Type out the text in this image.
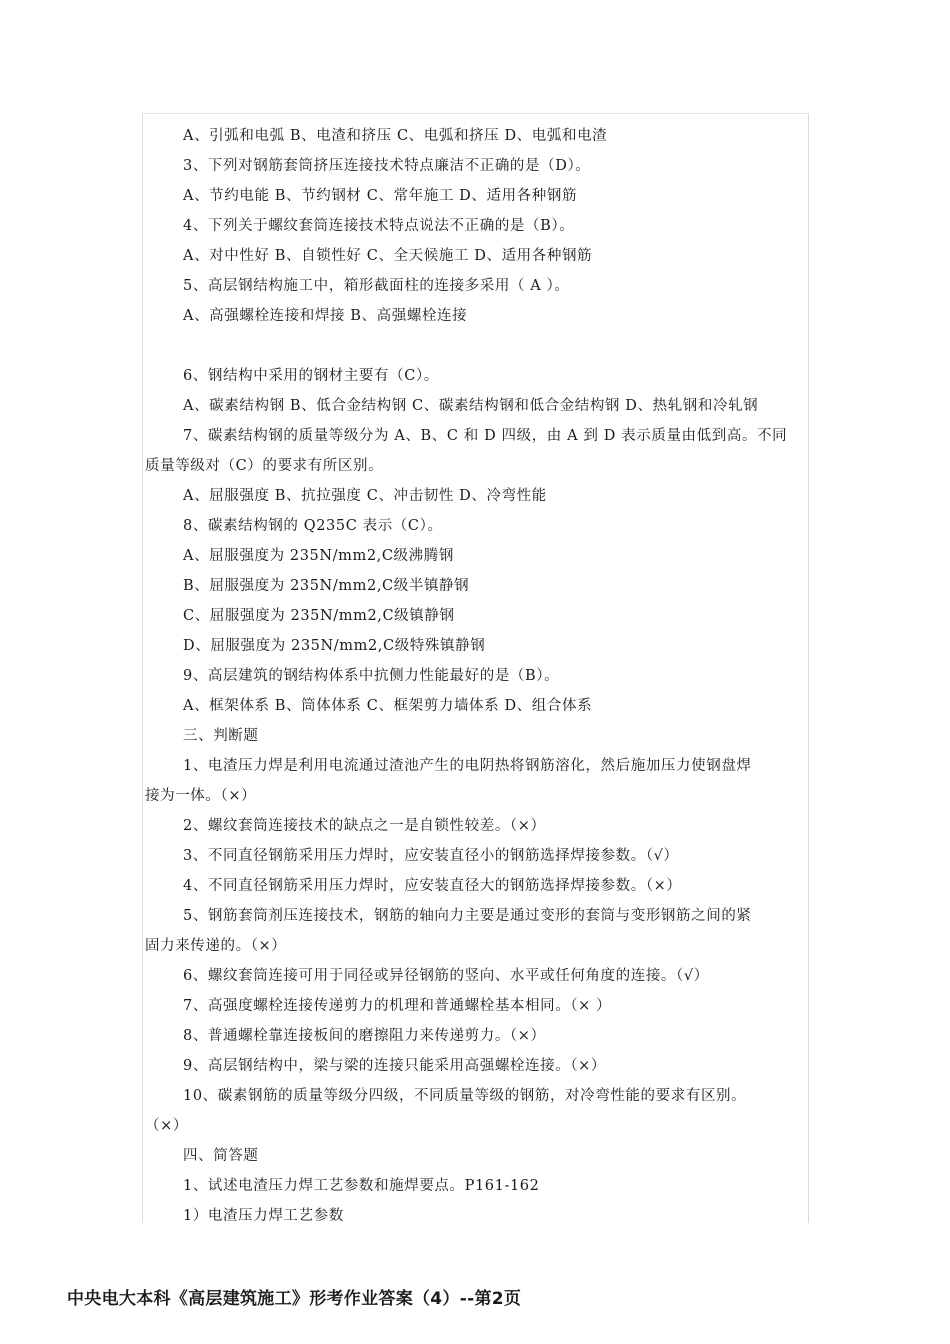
A、引弧和电弧 B、电渣和挤压 C、电弧和挤压 D、电弧和电渣
3、下列对钢筋套筒挤压连接技术特点廉洁不正确的是（D）。
A、节约电能 B、节约钢材 C、常年施工 D、适用各种钢筋
4、下列关于螺纹套筒连接技术特点说法不正确的是（B）。
A、对中性好 B、自锁性好 C、全天候施工 D、适用各种钢筋
5、高层钢结构施工中，箱形截面柱的连接多采用（ A ）。
A、高强螺栓连接和焊接 B、高强螺栓连接
6、钢结构中采用的钢材主要有（C）。
A、碳素结构钢 B、低合金结构钢 C、碳素结构钢和低合金结构钢 D、热轧钢和冷轧钢
7、碳素结构钢的质量等级分为 A、B、C 和 D 四级，由 A 到 D 表示质量由低到高。不同
质量等级对（C）的要求有所区别。
A、屈服强度 B、抗拉强度 C、冲击韧性 D、冷弯性能
8、碳素结构钢的 Q235C 表示（C）。
A、屈服强度为 235N/mm2,C级沸腾钢
B、屈服强度为 235N/mm2,C级半镇静钢
C、屈服强度为 235N/mm2,C级镇静钢
D、屈服强度为 235N/mm2,C级特殊镇静钢
9、高层建筑的钢结构体系中抗侧力性能最好的是（B）。
A、框架体系 B、筒体体系 C、框架剪力墙体系 D、组合体系
三、判断题
1、电渣压力焊是利用电流通过渣池产生的电阴热将钢筋溶化，然后施加压力使钢盘焊
接为一体。（×）
2、螺纹套筒连接技术的缺点之一是自锁性较差。（×）
3、不同直径钢筋采用压力焊时，应安装直径小的钢筋选择焊接参数。（√）
4、不同直径钢筋采用压力焊时，应安装直径大的钢筋选择焊接参数。（×）
5、钢筋套筒剂压连接技术，钢筋的轴向力主要是通过变形的套筒与变形钢筋之间的紧
固力来传递的。（×）
6、螺纹套筒连接可用于同径或异径钢筋的竖向、水平或任何角度的连接。（√）
7、高强度螺栓连接传递剪力的机理和普通螺栓基本相同。（× ）
8、普通螺栓靠连接板间的磨擦阻力来传递剪力。（×）
9、高层钢结构中，梁与梁的连接只能采用高强螺栓连接。（×）
10、碳素钢筋的质量等级分四级，不同质量等级的钢筋，对冷弯性能的要求有区别。
（×）
四、简答题
1、试述电渣压力焊工艺参数和施焊要点。P161-162
1）电渣压力焊工艺参数
中央电大本科《高层建筑施工》形考作业答案（4）--第2页
